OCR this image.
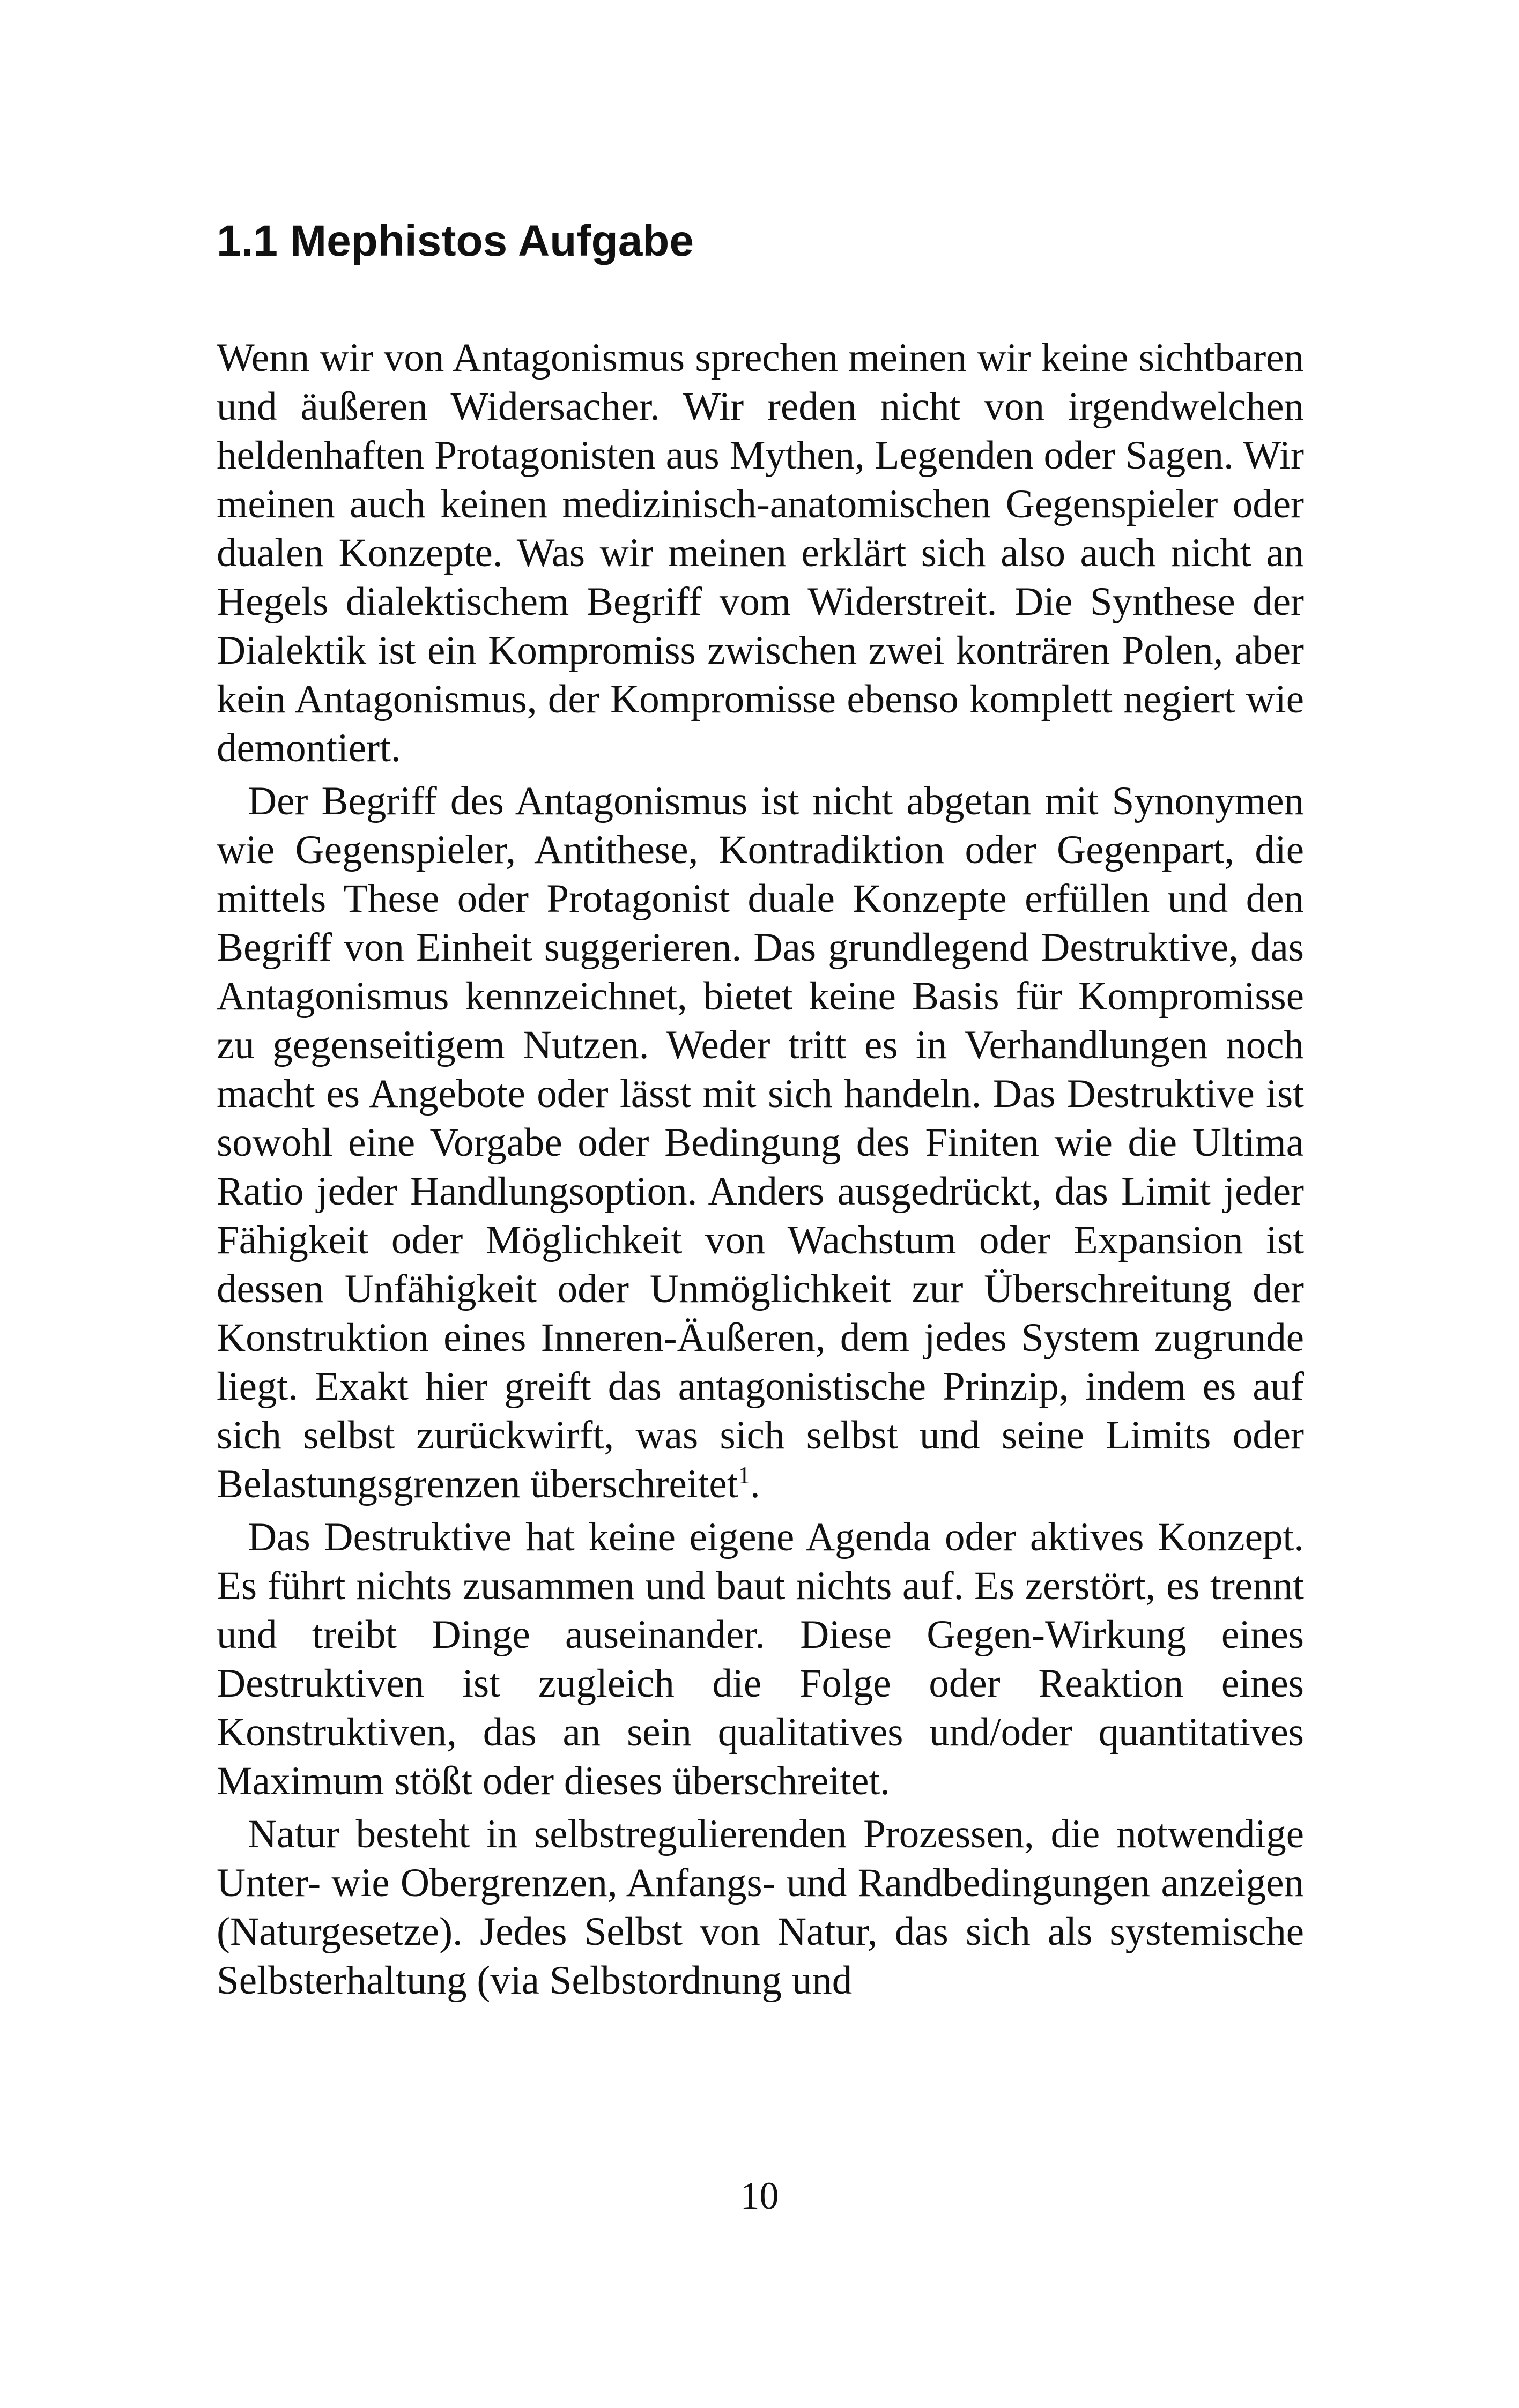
1.1 Mephistos Aufgabe

Wenn wir von Antagonismus sprechen meinen wir keine sichtbaren und äußeren Widersacher. Wir reden nicht von irgendwelchen heldenhaften Protagonisten aus Mythen, Legenden oder Sagen. Wir meinen auch keinen medizinisch-anatomischen Gegenspieler oder dualen Konzepte. Was wir meinen erklärt sich also auch nicht an Hegels dialektischem Begriff vom Widerstreit. Die Synthese der Dialektik ist ein Kompromiss zwischen zwei konträren Polen, aber kein Antagonismus, der Kompromisse ebenso komplett negiert wie demontiert.

Der Begriff des Antagonismus ist nicht abgetan mit Synonymen wie Gegenspieler, Antithese, Kontradiktion oder Gegenpart, die mittels These oder Protagonist duale Konzepte erfüllen und den Begriff von Einheit suggerieren. Das grundlegend Destruktive, das Antagonismus kennzeichnet, bietet keine Basis für Kompromisse zu gegenseitigem Nutzen. Weder tritt es in Verhandlungen noch macht es Angebote oder lässt mit sich handeln. Das Destruktive ist sowohl eine Vorgabe oder Bedingung des Finiten wie die Ultima Ratio jeder Handlungsoption. Anders ausgedrückt, das Limit jeder Fähigkeit oder Möglichkeit von Wachstum oder Expansion ist dessen Unfähigkeit oder Unmöglichkeit zur Überschreitung der Konstruktion eines Inneren-Äußeren, dem jedes System zugrunde liegt. Exakt hier greift das antagonistische Prinzip, indem es auf sich selbst zurückwirft, was sich selbst und seine Limits oder Belastungsgrenzen überschreitet$^1$.

Das Destruktive hat keine eigene Agenda oder aktives Konzept. Es führt nichts zusammen und baut nichts auf. Es zerstört, es trennt und treibt Dinge auseinander. Diese Gegen-Wirkung eines Destruktiven ist zugleich die Folge oder Reaktion eines Konstruktiven, das an sein qualitatives und/oder quantitatives Maximum stößt oder dieses überschreitet.

Natur besteht in selbstregulierenden Prozessen, die notwendige Unter- wie Obergrenzen, Anfangs- und Randbedingungen anzeigen (Naturgesetze). Jedes Selbst von Natur, das sich als systemische Selbsterhaltung (via Selbstordnung und

10
